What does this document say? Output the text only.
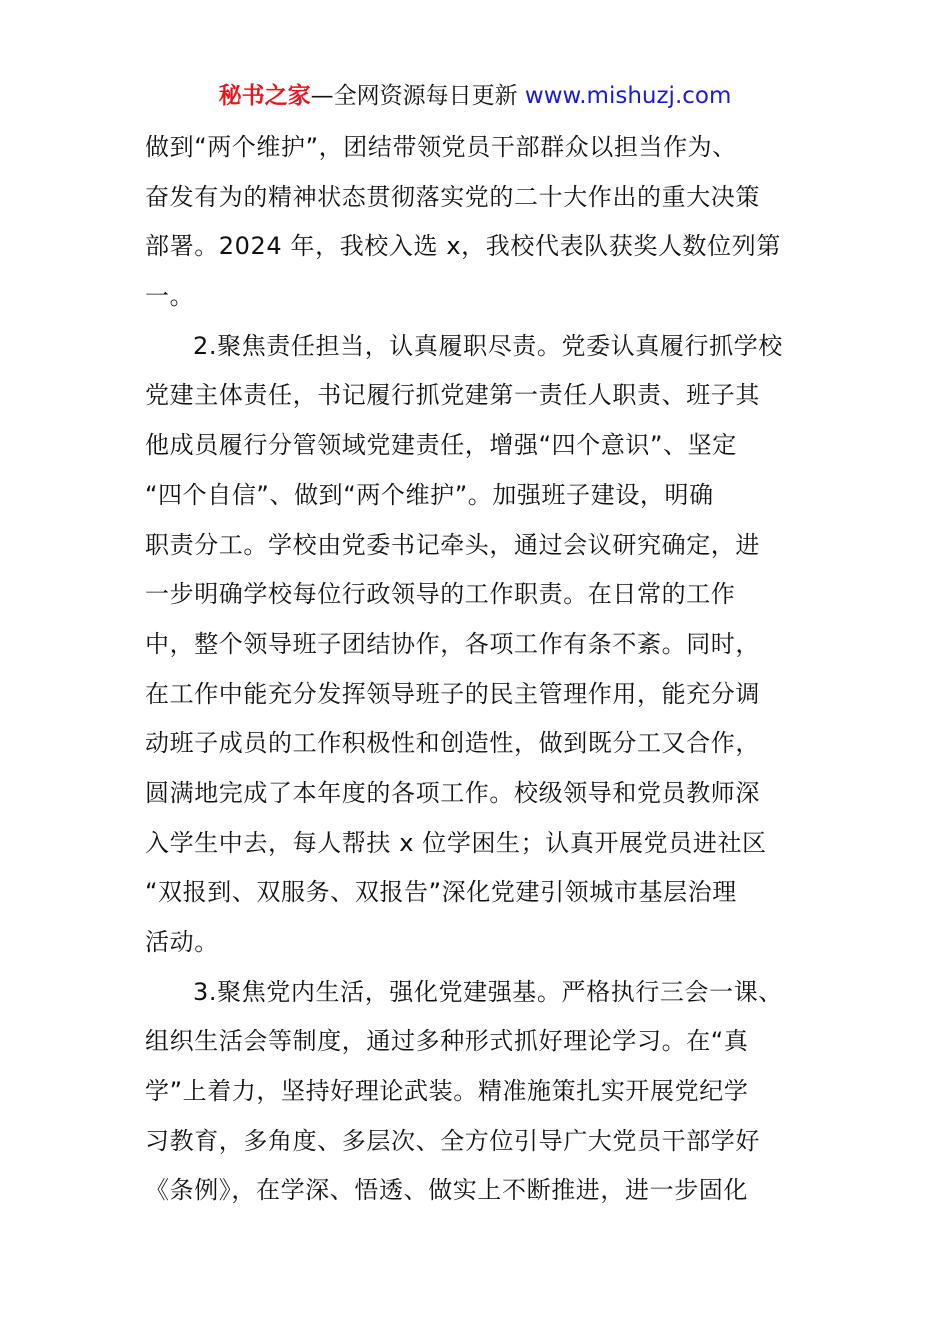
秘书之家—全网资源每日更新 www.mishuzj.com
做到“两个维护”，团结带领党员干部群众以担当作为、
奋发有为的精神状态贯彻落实党的二十大作出的重大决策
部署。2024 年，我校入选 x，我校代表队获奖人数位列第
一。
2.聚焦责任担当，认真履职尽责。党委认真履行抓学校
党建主体责任，书记履行抓党建第一责任人职责、班子其
他成员履行分管领域党建责任，增强“四个意识”、坚定
“四个自信”、做到“两个维护”。加强班子建设，明确
职责分工。学校由党委书记牵头，通过会议研究确定，进
一步明确学校每位行政领导的工作职责。在日常的工作
中，整个领导班子团结协作，各项工作有条不紊。同时，
在工作中能充分发挥领导班子的民主管理作用，能充分调
动班子成员的工作积极性和创造性，做到既分工又合作，
圆满地完成了本年度的各项工作。校级领导和党员教师深
入学生中去，每人帮扶 x 位学困生；认真开展党员进社区
“双报到、双服务、双报告”深化党建引领城市基层治理
活动。
3.聚焦党内生活，强化党建强基。严格执行三会一课、
组织生活会等制度，通过多种形式抓好理论学习。在“真
学”上着力，坚持好理论武装。精准施策扎实开展党纪学
习教育，多角度、多层次、全方位引导广大党员干部学好
《条例》，在学深、悟透、做实上不断推进，进一步固化
